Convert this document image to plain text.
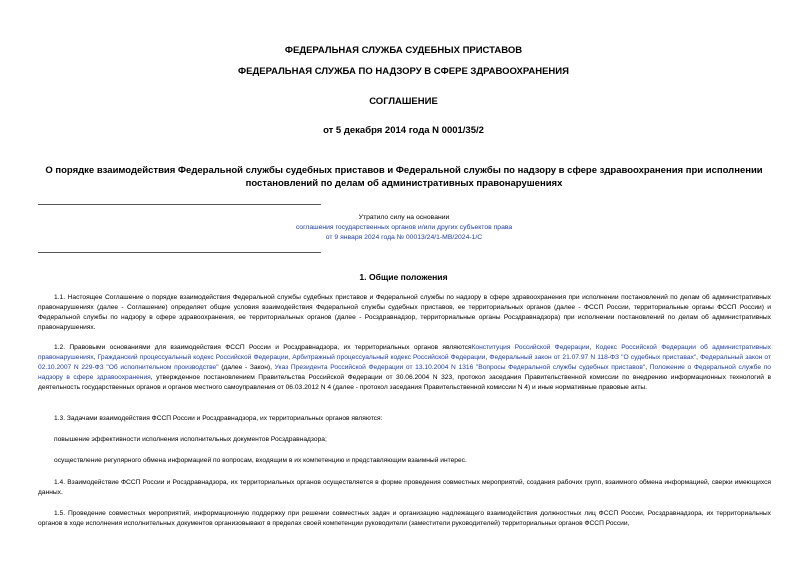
ФЕДЕРАЛЬНАЯ СЛУЖБА СУДЕБНЫХ ПРИСТАВОВ
ФЕДЕРАЛЬНАЯ СЛУЖБА ПО НАДЗОРУ В СФЕРЕ ЗДРАВООХРАНЕНИЯ
СОГЛАШЕНИЕ
от 5 декабря 2014 года N 0001/35/2
О порядке взаимодействия Федеральной службы судебных приставов и Федеральной службы по надзору в сфере здравоохранения при исполнении постановлений по делам об административных правонарушениях
Утратило силу на основании
соглашения государственных органов и/или других субъектов права
от 9 января 2024 года № 00013/24/1-МВ/2024-1/С
1. Общие положения
1.1. Настоящее Соглашение о порядке взаимодействия Федеральной службы судебных приставов и Федеральной службы по надзору в сфере здравоохранения при исполнении постановлений по делам об административных правонарушениях (далее - Соглашение) определяет общие условия взаимодействия Федеральной службы судебных приставов, ее территориальных органов (далее - ФССП России, территориальные органы ФССП России) и Федеральной службы по надзору в сфере здравоохранения, ее территориальных органов (далее - Росздравнадзор, территориальные органы Росздравнадзора) при исполнении постановлений по делам об административных правонарушениях.
1.2. Правовыми основаниями для взаимодействия ФССП России и Росздравнадзора, их территориальных органов являютсяКонституция Российской Федерации, Кодекс Российской Федерации об административных правонарушениях, Гражданский процессуальный кодекс Российской Федерации, Арбитражный процессуальный кодекс Российской Федерации, Федеральный закон от 21.07.97 N 118-ФЗ "О судебных приставах", Федеральный закон от 02.10.2007 N 229-ФЗ "Об исполнительном производстве" (далее - Закон), Указ Президента Российской Федерации от 13.10.2004 N 1316 "Вопросы Федеральной службы судебных приставов", Положение о Федеральной службе по надзору в сфере здравоохранения, утвержденное постановлением Правительства Российской Федерации от 30.06.2004 N 323, протокол заседания Правительственной комиссии по внедрению информационных технологий в деятельность государственных органов и органов местного самоуправления от 06.03.2012 N 4 (далее - протокол заседания Правительственной комиссии N 4) и иные нормативные правовые акты.
1.3. Задачами взаимодействия ФССП России и Росздравнадзора, их территориальных органов являются:
повышение эффективности исполнения исполнительных документов Росздравнадзора;
осуществление регулярного обмена информацией по вопросам, входящим в их компетенцию и представляющим взаимный интерес.
1.4. Взаимодействие ФССП России и Росздравнадзора, их территориальных органов осуществляется в форме проведения совместных мероприятий, создания рабочих групп, взаимного обмена информацией, сверки имеющихся данных.
1.5. Проведение совместных мероприятий, информационную поддержку при решении совместных задач и организацию надлежащего взаимодействия должностных лиц ФССП России, Росздравнадзора, их территориальных органов в ходе исполнения исполнительных документов организовывают в пределах своей компетенции руководители (заместители руководителей) территориальных органов ФССП России,
